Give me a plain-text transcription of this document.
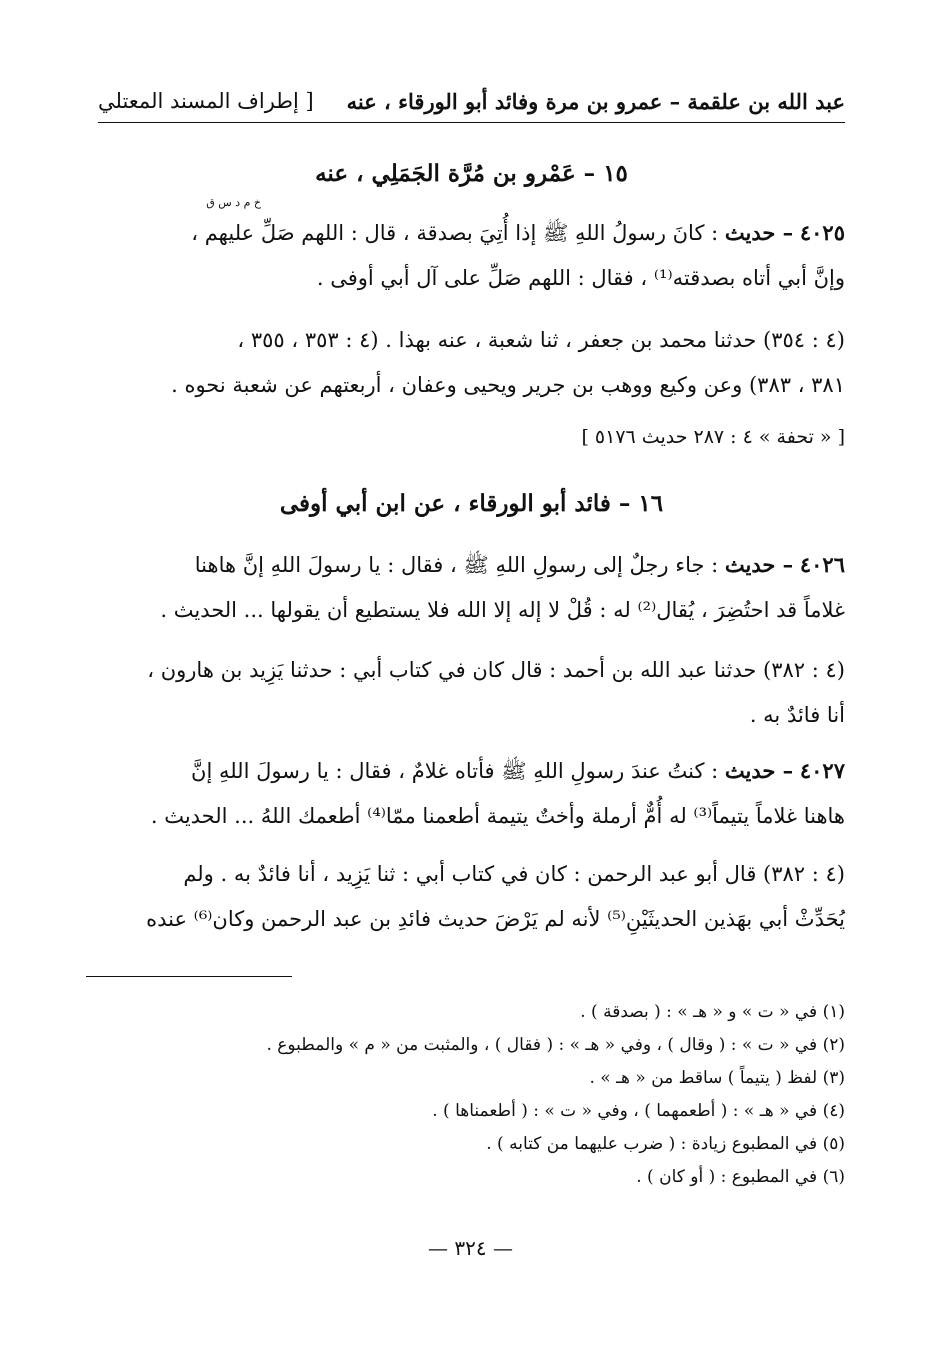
عبد الله بن علقمة – عمرو بن مرة وفائد أبو الورقاء ، عنه
[ إطراف المسند المعتلي
١٥ – عَمْرو بن مُرَّة الجَمَلِي ، عنه
خ م د س ق
٤٠٢٥ – حديث : كانَ رسولُ اللهِ ﷺ إذا أُتِيَ بصدقة ، قال : اللهم صَلِّ عليهم ،
وإنَّ أبي أتاه بصدقته⁽¹⁾ ، فقال : اللهم صَلِّ على آل أبي أوفى .
(٤ : ٣٥٤) حدثنا محمد بن جعفر ، ثنا شعبة ، عنه بهذا . (٤ : ٣٥٣ ، ٣٥٥ ،
٣٨١ ، ٣٨٣) وعن وكيع ووهب بن جرير ويحيى وعفان ، أربعتهم عن شعبة نحوه .
[ « تحفة » ٤ : ٢٨٧ حديث ٥١٧٦ ]
١٦ – فائد أبو الورقاء ، عن ابن أبي أوفى
٤٠٢٦ – حديث : جاء رجلٌ إلى رسولِ اللهِ ﷺ ، فقال : يا رسولَ اللهِ إنَّ هاهنا
غلاماً قد احتُضِرَ ، يُقال⁽²⁾ له : قُلْ لا إله إلا الله فلا يستطيع أن يقولها ... الحديث .
(٤ : ٣٨٢) حدثنا عبد الله بن أحمد : قال كان في كتاب أبي : حدثنا يَزِيد بن هارون ،
أنا فائدٌ به .
٤٠٢٧ – حديث : كنتُ عندَ رسولِ اللهِ ﷺ فأتاه غلامٌ ، فقال : يا رسولَ اللهِ إنَّ
هاهنا غلاماً يتيماً⁽³⁾ له أُمٌّ أرملة وأختٌ يتيمة أطعمنا ممّا⁽⁴⁾ أطعمك اللهُ ... الحديث .
(٤ : ٣٨٢) قال أبو عبد الرحمن : كان في كتاب أبي : ثنا يَزِيد ، أنا فائدٌ به . ولم
يُحَدِّثْ أبي بهَذين الحديثَيْنِ⁽⁵⁾ لأنه لم يَرْضَ حديث فائدِ بن عبد الرحمن وكان⁽⁶⁾ عنده
(١) في « ت » و « هـ » : ( بصدقة ) .
(٢) في « ت » : ( وقال ) ، وفي « هـ » : ( فقال ) ، والمثبت من « م » والمطبوع .
(٣) لفظ ( يتيماً ) ساقط من « هـ » .
(٤) في « هـ » : ( أطعمهما ) ، وفي « ت » : ( أطعمناها ) .
(٥) في المطبوع زيادة : ( ضرب عليهما من كتابه ) .
(٦) في المطبوع : ( أو كان ) .
— ٣٢٤ —
